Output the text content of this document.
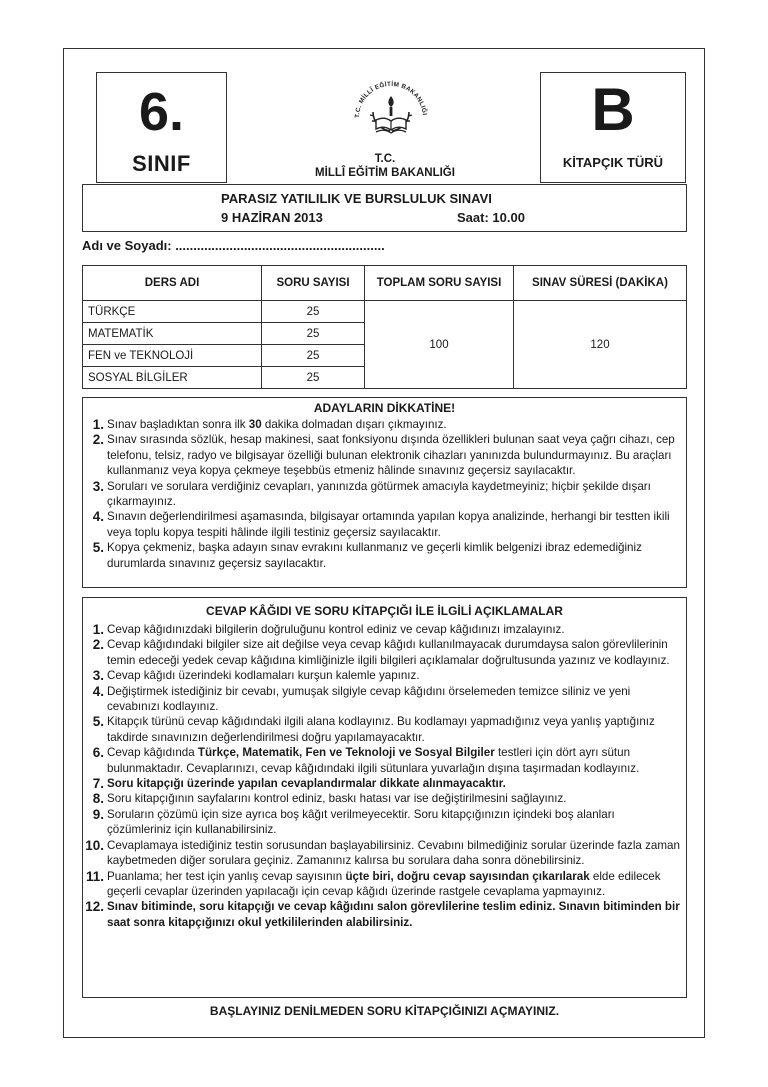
6.
SINIF
T.C. MİLLÎ EĞİTİM BAKANLIĞI
T.C.
MİLLÎ EĞİTİM BAKANLIĞI
B
KİTAPÇIK TÜRÜ
PARASIZ YATILILIK VE BURSLULUK SINAVI
9 HAZİRAN 2013	Saat: 10.00
Adı ve Soyadı: ..........................................................
DERS ADI	SORU SAYISI	TOPLAM SORU SAYISI	SINAV SÜRESİ (DAKİKA)
TÜRKÇE	25	100	120
MATEMATİK	25		
FEN ve TEKNOLOJİ	25		
SOSYAL BİLGİLER	25		
ADAYLARIN DİKKATİNE!
1. Sınav başladıktan sonra ilk 30 dakika dolmadan dışarı çıkmayınız.
2. Sınav sırasında sözlük, hesap makinesi, saat fonksiyonu dışında özellikleri bulunan saat veya çağrı cihazı, cep telefonu, telsiz, radyo ve bilgisayar özelliği bulunan elektronik cihazları yanınızda bulundurmayınız. Bu araçları kullanmanız veya kopya çekmeye teşebbüs etmeniz hâlinde sınavınız geçersiz sayılacaktır.
3. Soruları ve sorulara verdiğiniz cevapları, yanınızda götürmek amacıyla kaydetmeyiniz; hiçbir şekilde dışarı çıkarmayınız.
4. Sınavın değerlendirilmesi aşamasında, bilgisayar ortamında yapılan kopya analizinde, herhangi bir testten ikili veya toplu kopya tespiti hâlinde ilgili testiniz geçersiz sayılacaktır.
5. Kopya çekmeniz, başka adayın sınav evrakını kullanmanız ve geçerli kimlik belgenizi ibraz edemediğiniz durumlarda sınavınız geçersiz sayılacaktır.
CEVAP KÂĞIDI VE SORU KİTAPÇIĞI İLE İLGİLİ AÇIKLAMALAR
1. Cevap kâğıdınızdaki bilgilerin doğruluğunu kontrol ediniz ve cevap kâğıdınızı imzalayınız.
2. Cevap kâğıdındaki bilgiler size ait değilse veya cevap kâğıdı kullanılmayacak durumdaysa salon görevlilerinin temin edeceği yedek cevap kâğıdına kimliğinizle ilgili bilgileri açıklamalar doğrultusunda yazınız ve kodlayınız.
3. Cevap kâğıdı üzerindeki kodlamaları kurşun kalemle yapınız.
4. Değiştirmek istediğiniz bir cevabı, yumuşak silgiyle cevap kâğıdını örselemeden temizce siliniz ve yeni cevabınızı kodlayınız.
5. Kitapçık türünü cevap kâğıdındaki ilgili alana kodlayınız. Bu kodlamayı yapmadığınız veya yanlış yaptığınız takdirde sınavınızın değerlendirilmesi doğru yapılamayacaktır.
6. Cevap kâğıdında Türkçe, Matematik, Fen ve Teknoloji ve Sosyal Bilgiler testleri için dört ayrı sütun bulunmaktadır. Cevaplarınızı, cevap kâğıdındaki ilgili sütunlara yuvarlağın dışına taşırmadan kodlayınız.
7. Soru kitapçığı üzerinde yapılan cevaplandırmalar dikkate alınmayacaktır.
8. Soru kitapçığının sayfalarını kontrol ediniz, baskı hatası var ise değiştirilmesini sağlayınız.
9. Soruların çözümü için size ayrıca boş kâğıt verilmeyecektir. Soru kitapçığınızın içindeki boş alanları çözümleriniz için kullanabilirsiniz.
10. Cevaplamaya istediğiniz testin sorusundan başlayabilirsiniz. Cevabını bilmediğiniz sorular üzerinde fazla zaman kaybetmeden diğer sorulara geçiniz. Zamanınız kalırsa bu sorulara daha sonra dönebilirsiniz.
11. Puanlama; her test için yanlış cevap sayısının üçte biri, doğru cevap sayısından çıkarılarak elde edilecek geçerli cevaplar üzerinden yapılacağı için cevap kâğıdı üzerinde rastgele cevaplama yapmayınız.
12. Sınav bitiminde, soru kitapçığı ve cevap kâğıdını salon görevlilerine teslim ediniz. Sınavın bitiminden bir saat sonra kitapçığınızı okul yetkililerinden alabilirsiniz.
BAŞLAYINIZ DENİLMEDEN SORU KİTAPÇIĞINIZI AÇMAYINIZ.
